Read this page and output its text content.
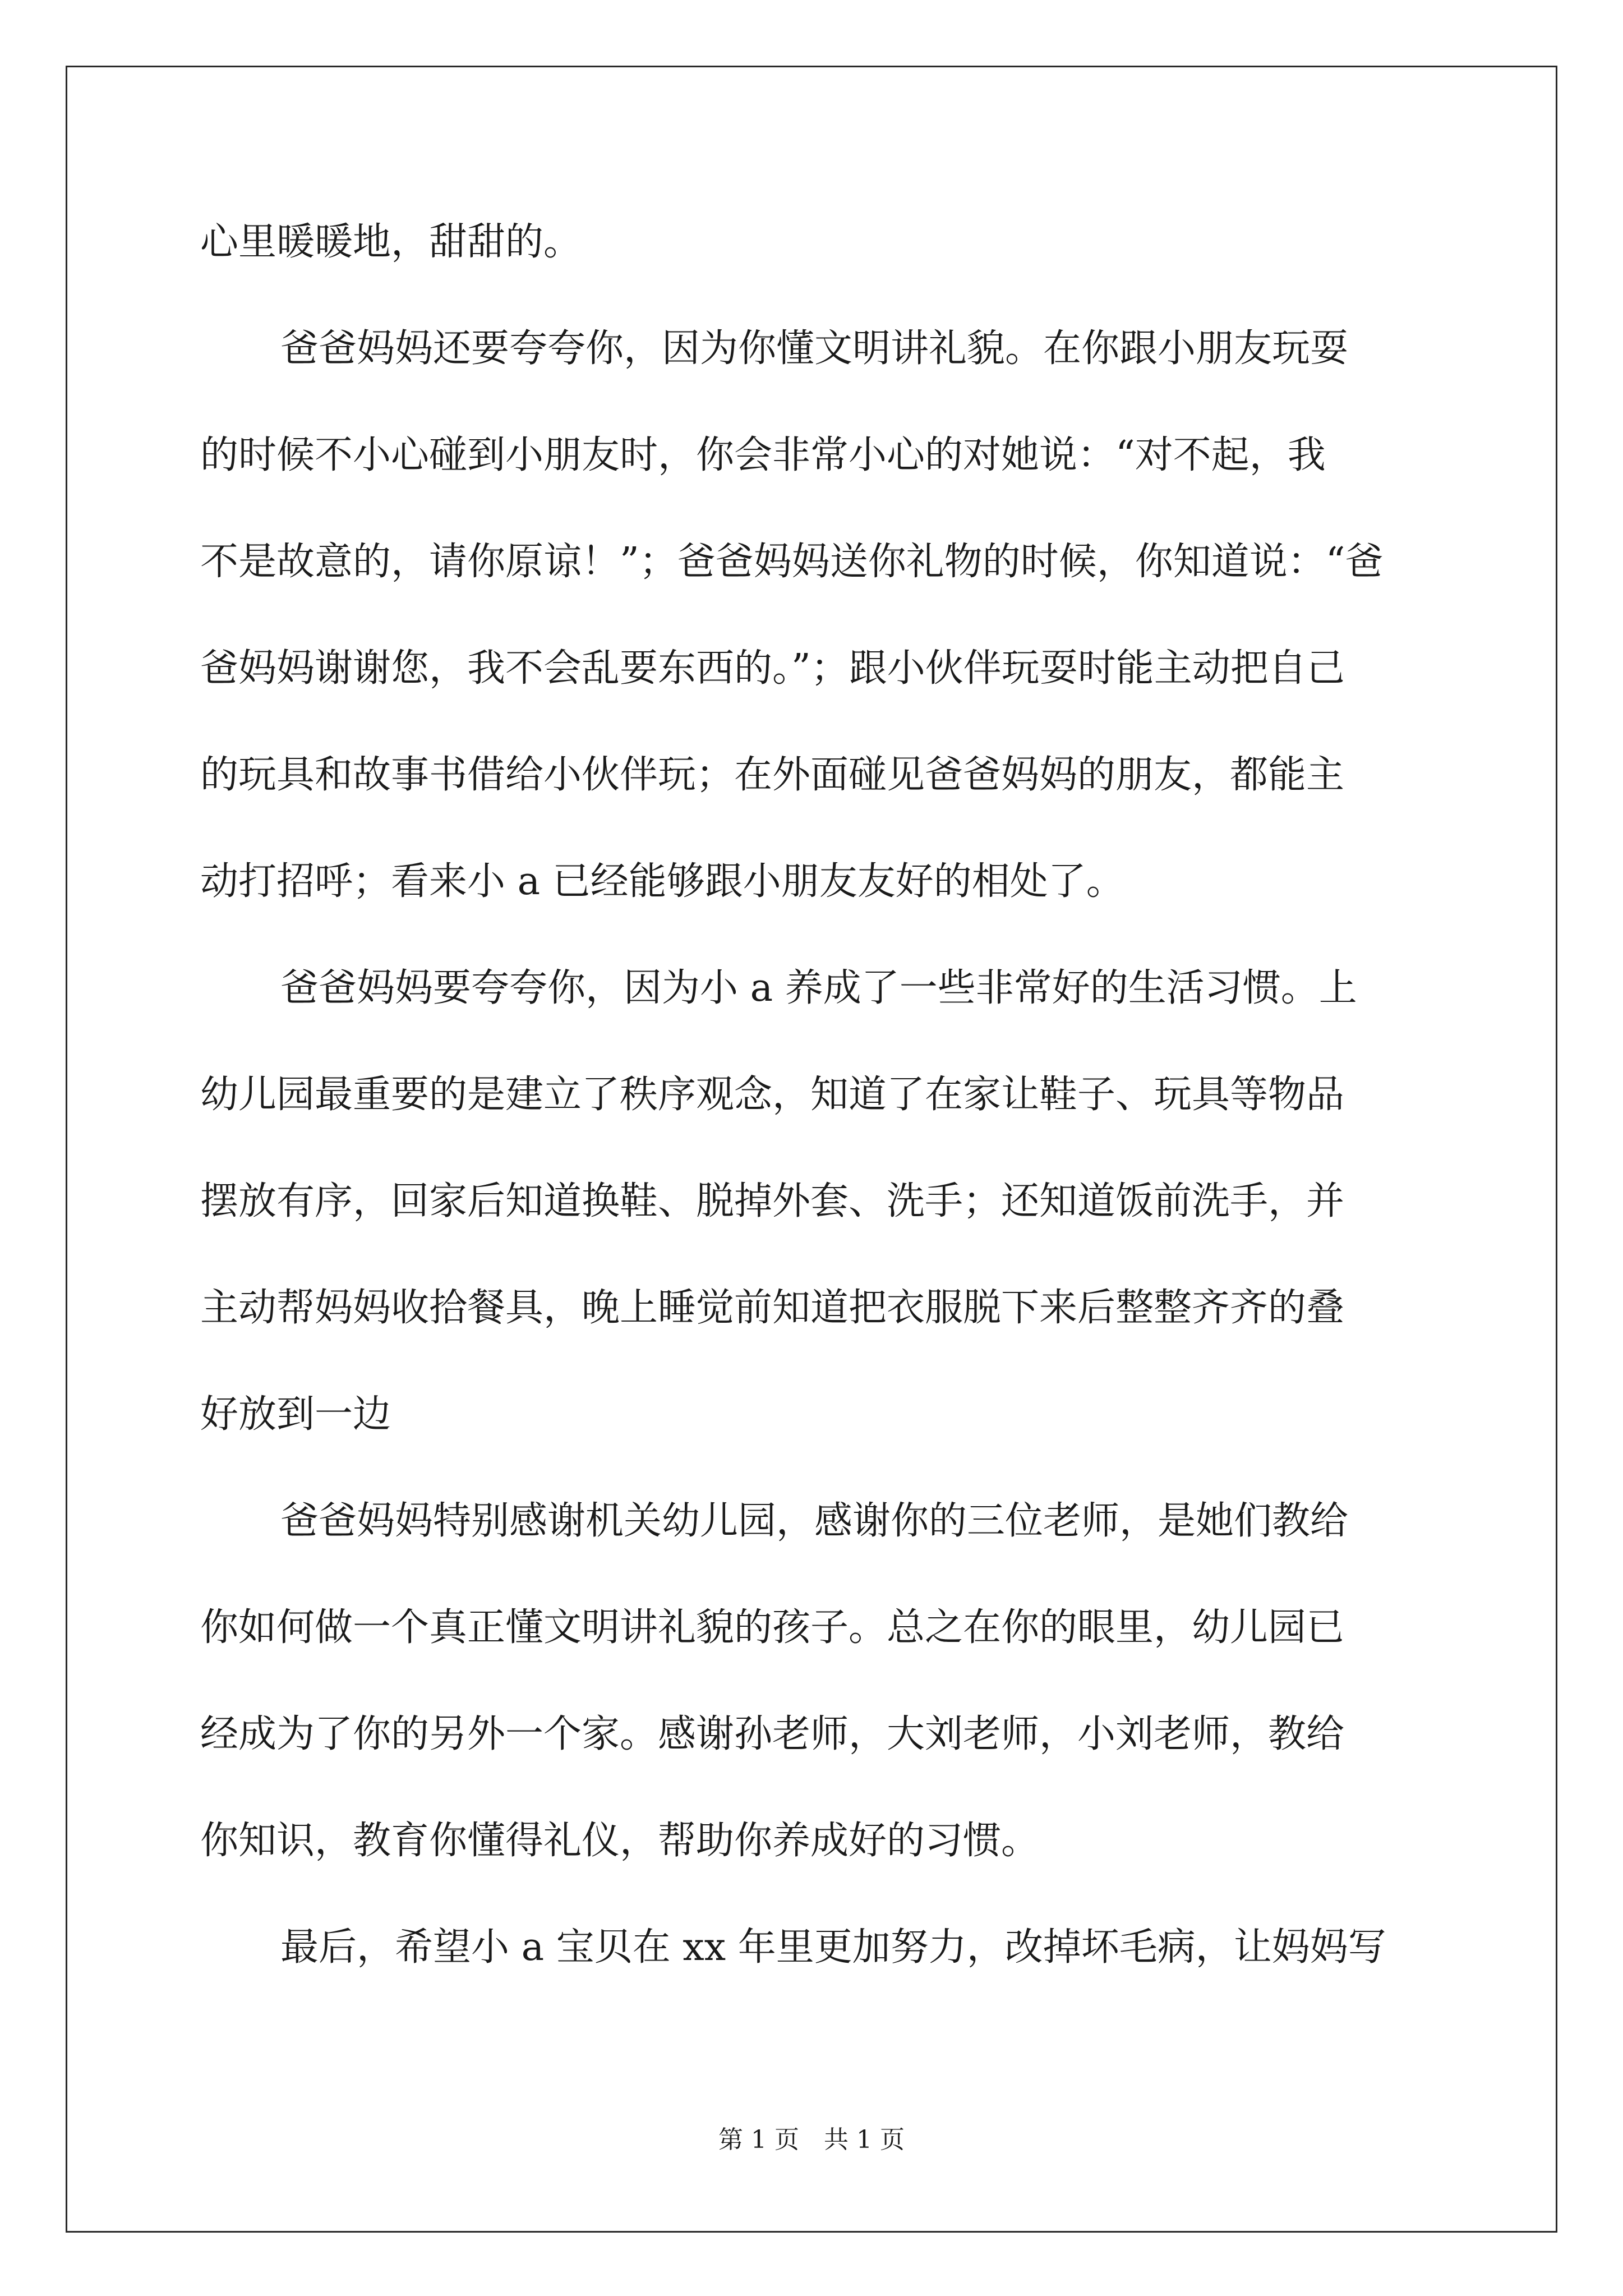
心里暖暖地，甜甜的。
爸爸妈妈还要夸夸你，因为你懂文明讲礼貌。在你跟小朋友玩耍
的时候不小心碰到小朋友时，你会非常小心的对她说：“对不起，我
不是故意的，请你原谅！”；爸爸妈妈送你礼物的时候，你知道说：“爸
爸妈妈谢谢您，我不会乱要东西的。”；跟小伙伴玩耍时能主动把自己
的玩具和故事书借给小伙伴玩；在外面碰见爸爸妈妈的朋友，都能主
动打招呼；看来小 a 已经能够跟小朋友友好的相处了。
爸爸妈妈要夸夸你，因为小 a 养成了一些非常好的生活习惯。上
幼儿园最重要的是建立了秩序观念，知道了在家让鞋子、玩具等物品
摆放有序，回家后知道换鞋、脱掉外套、洗手；还知道饭前洗手，并
主动帮妈妈收拾餐具，晚上睡觉前知道把衣服脱下来后整整齐齐的叠
好放到一边
爸爸妈妈特别感谢机关幼儿园，感谢你的三位老师，是她们教给
你如何做一个真正懂文明讲礼貌的孩子。总之在你的眼里，幼儿园已
经成为了你的另外一个家。感谢孙老师，大刘老师，小刘老师，教给
你知识，教育你懂得礼仪，帮助你养成好的习惯。
最后，希望小 a 宝贝在 xx 年里更加努力，改掉坏毛病，让妈妈写
第 1 页　共 1 页
